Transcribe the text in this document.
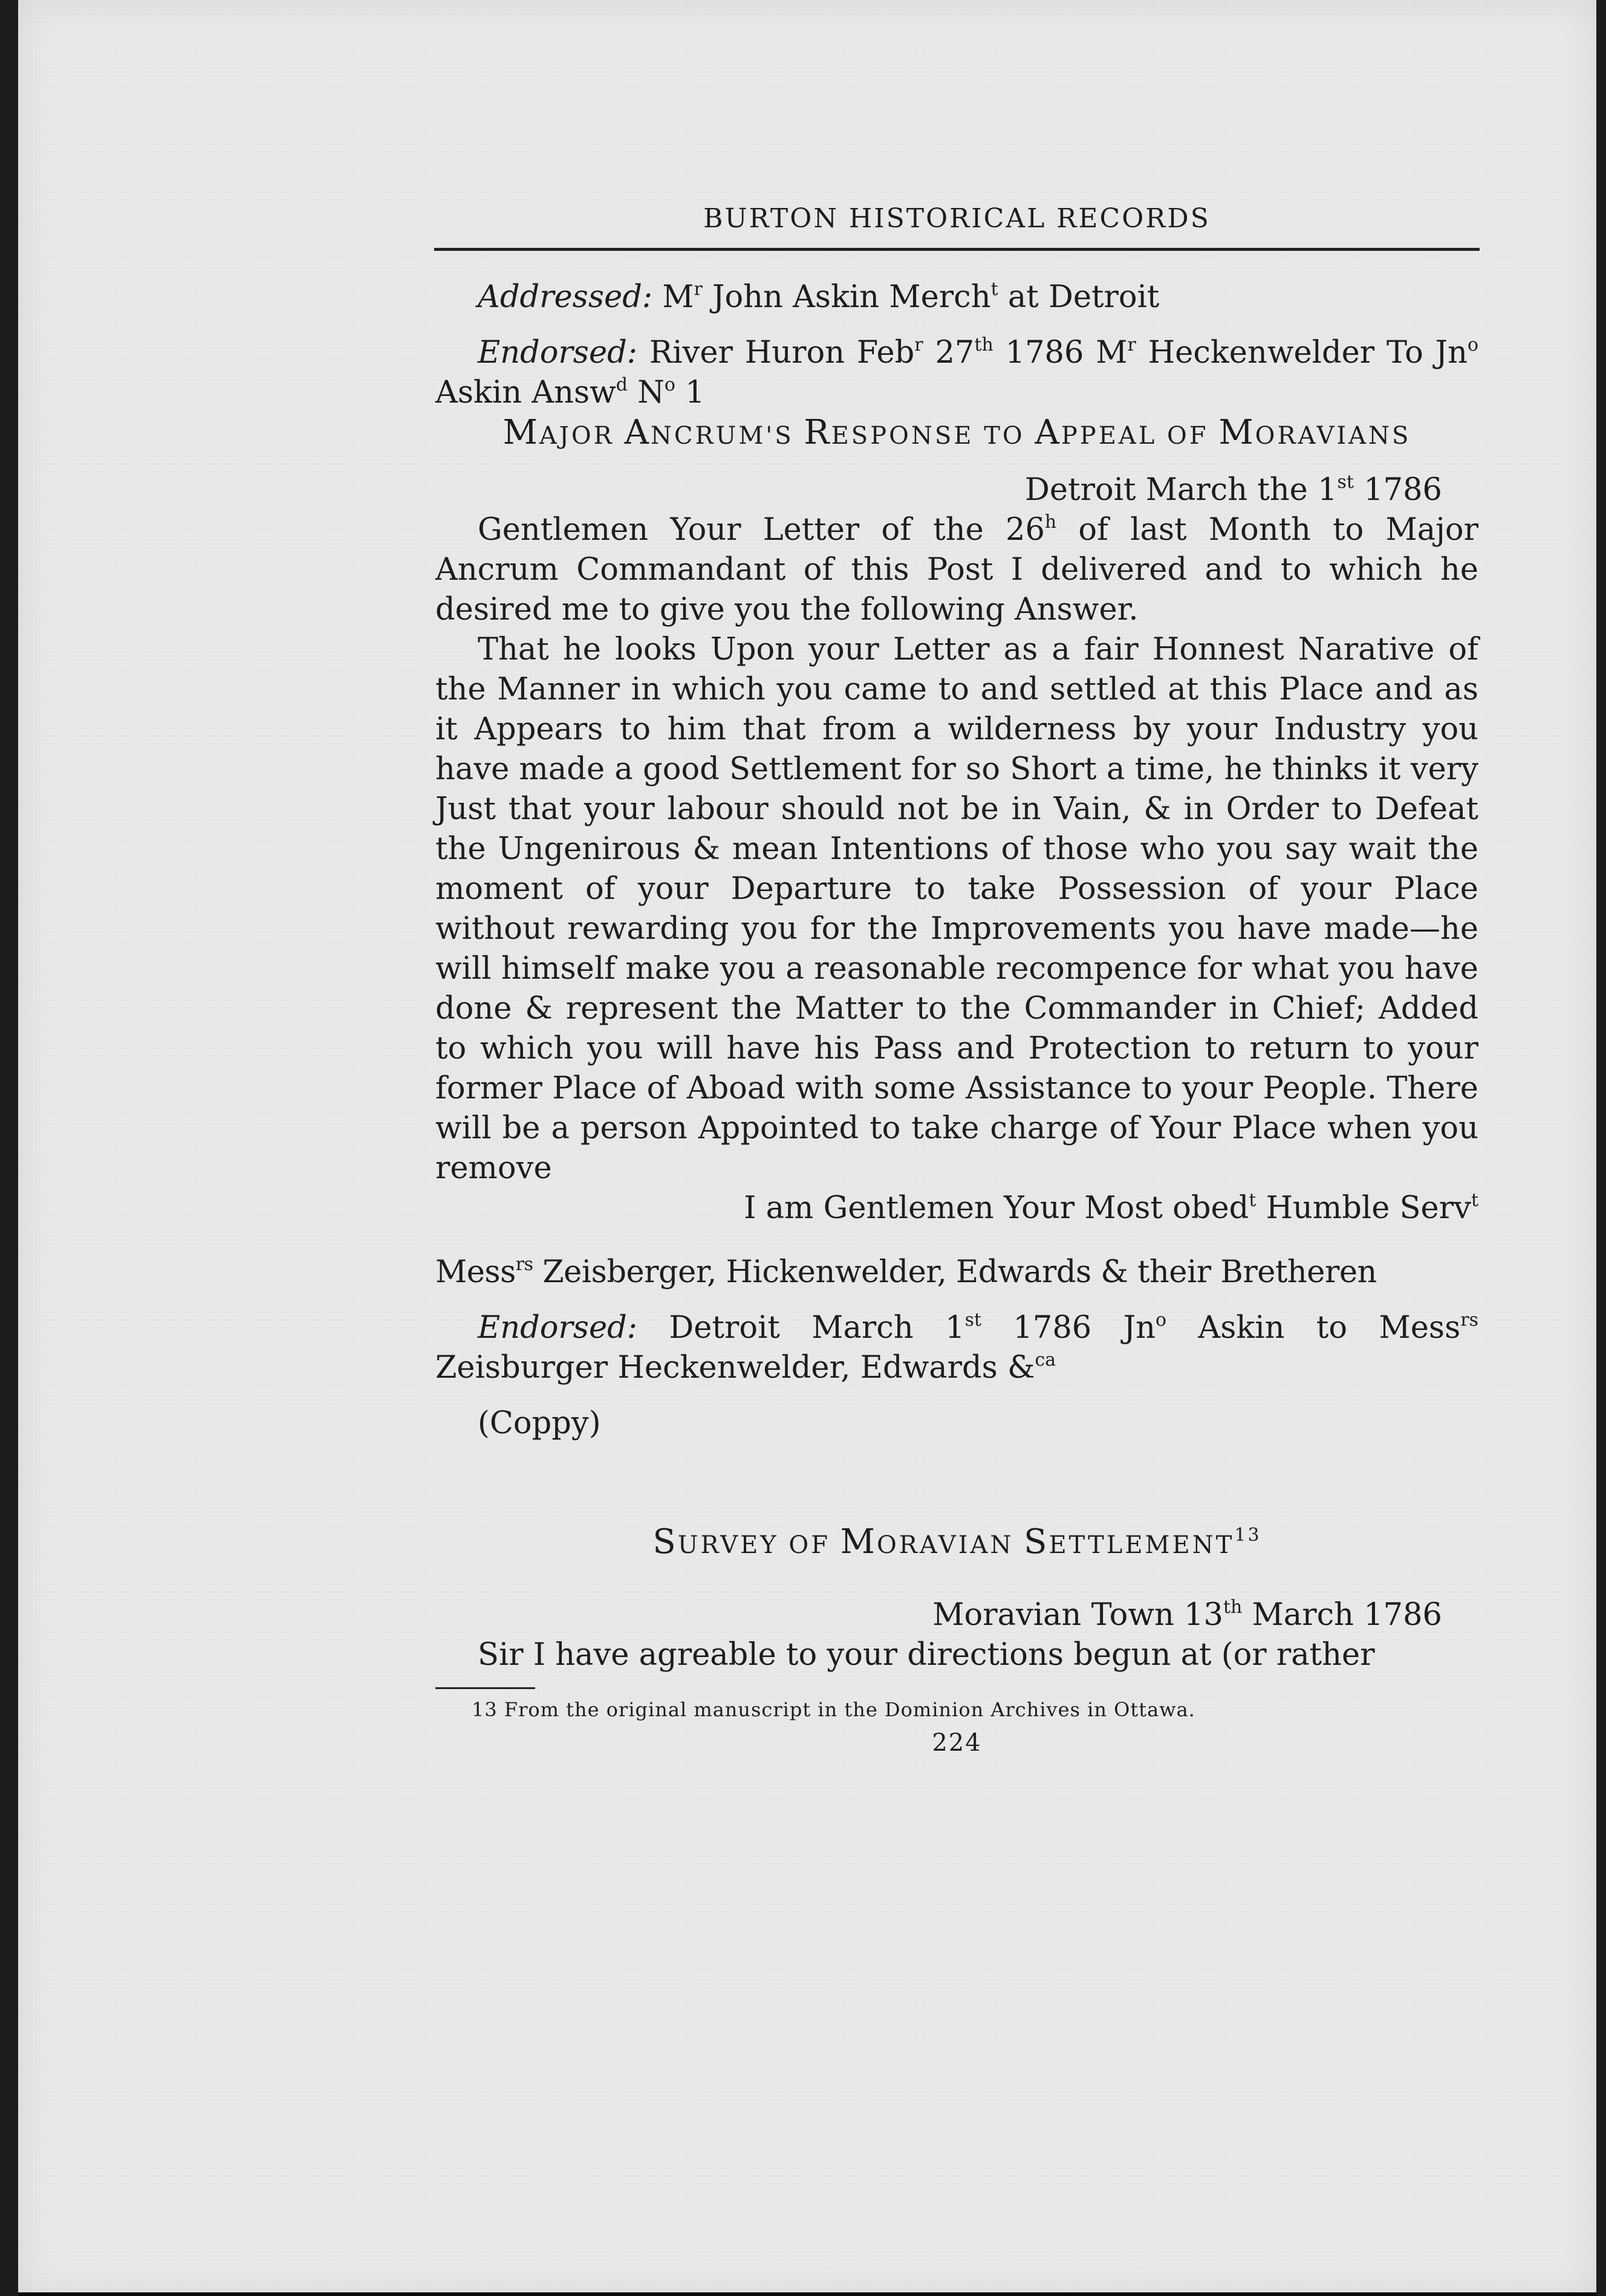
BURTON HISTORICAL RECORDS

Addressed: $M^r$ John Askin Merch$^t$ at Detroit

Endorsed: River Huron Feb$^r$ 27th 1786 $M^r$ Heckenwelder To Jn$^o$ Askin Answ$^d$ $N^o$ 1

MAJOR ANCRUM'S RESPONSE TO APPEAL OF MORAVIANS

Detroit March the 1st 1786

Gentlemen Your Letter of the 26$^h$ of last Month to Major Ancrum Commandant of this Post I delivered and to which he desired me to give you the following Answer.

That he looks Upon your Letter as a fair Honnest Narative of the Manner in which you came to and settled at this Place and as it Appears to him that from a wilderness by your Industry you have made a good Settlement for so Short a time, he thinks it very Just that your labour should not be in Vain, & in Order to Defeat the Ungenirous & mean Intentions of those who you say wait the moment of your Departure to take Possession of your Place without rewarding you for the Improvements you have made—he will himself make you a reasonable recompence for what you have done & represent the Matter to the Commander in Chief; Added to which you will have his Pass and Protection to return to your former Place of Aboad with some Assistance to your People. There will be a person Appointed to take charge of Your Place when you remove

I am Gentlemen Your Most obed$^t$ Humble Serv$^t$

Mess$^{rs}$ Zeisberger, Hickenwelder, Edwards & their Bretheren

Endorsed: Detroit March 1st 1786 Jn$^o$ Askin to Mess$^{rs}$ Zeisburger Heckenwelder, Edwards &$^{ca}$

(Coppy)

SURVEY OF MORAVIAN SETTLEMENT$^{13}$

Moravian Town 13th March 1786

Sir I have agreable to your directions begun at (or rather

13 From the original manuscript in the Dominion Archives in Ottawa.
224
